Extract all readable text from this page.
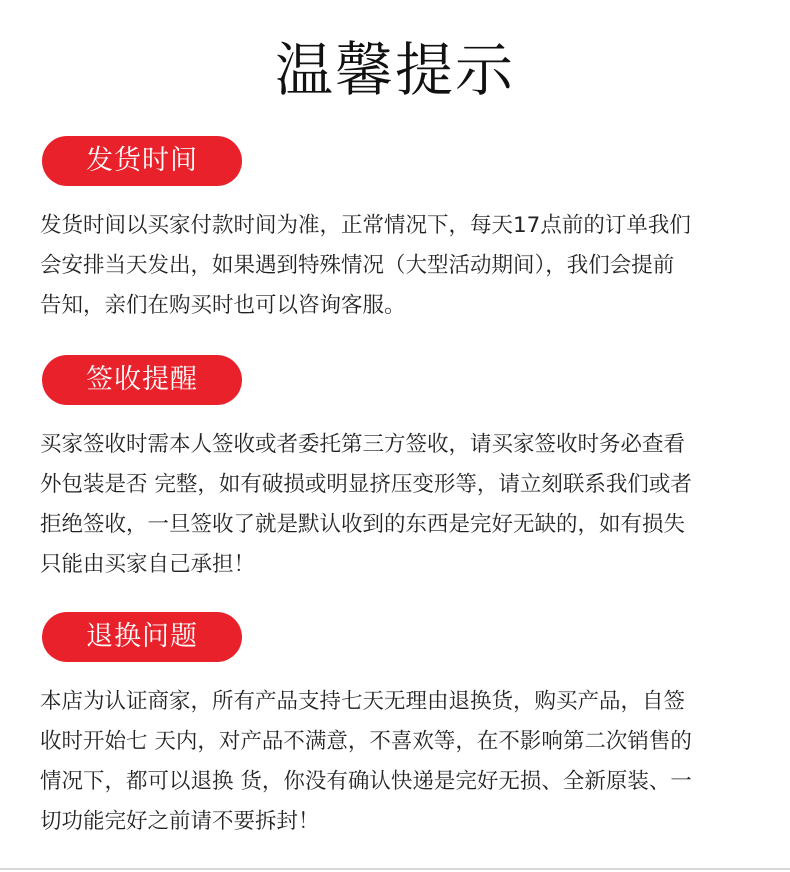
温馨提示
发货时间
发货时间以买家付款时间为准，正常情况下，每天17点前的订单我们
会安排当天发出，如果遇到特殊情况（大型活动期间），我们会提前
告知，亲们在购买时也可以咨询客服。
签收提醒
买家签收时需本人签收或者委托第三方签收，请买家签收时务必查看
外包装是否 完整，如有破损或明显挤压变形等，请立刻联系我们或者
拒绝签收，一旦签收了就是默认收到的东西是完好无缺的，如有损失
只能由买家自己承担！
退换问题
本店为认证商家，所有产品支持七天无理由退换货，购买产品，自签
收时开始七 天内，对产品不满意，不喜欢等，在不影响第二次销售的
情况下，都可以退换 货，你没有确认快递是完好无损、全新原装、一
切功能完好之前请不要拆封！
